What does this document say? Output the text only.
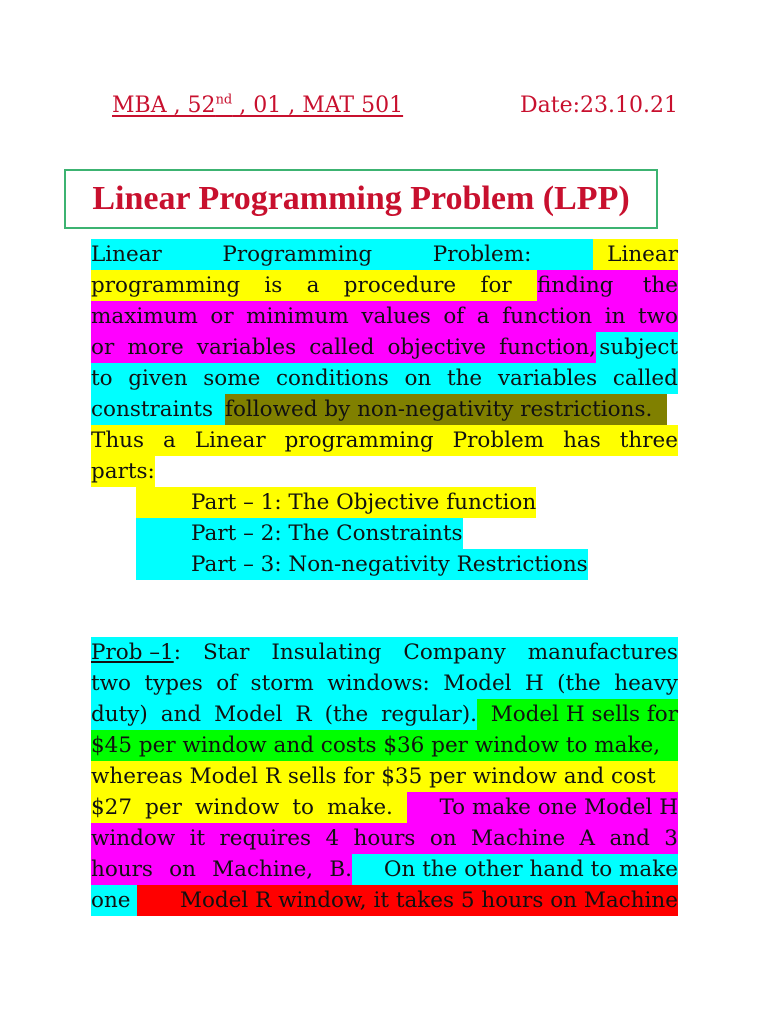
MBA , 52nd , 01 , MAT 501	Date:23.10.21
Linear Programming Problem (LPP)
Linear	Programming	Problem:	Linear
programming is a procedure for finding the
maximum or minimum values of a function in two
or more variables called objective function, subject
to given some conditions on the variables called
constraints followed by non-negativity restrictions.
Thus a Linear programming Problem has three
parts:
Part – 1: The Objective function
Part – 2: The Constraints
Part – 3: Non-negativity Restrictions
Prob –1: Star Insulating Company manufactures
two types of storm windows: Model H (the heavy
duty) and Model R (the regular). Model H sells for
$45 per window and costs $36 per window to make,
whereas Model R sells for $35 per window and cost
$27 per window to make.	To make one Model H
window it requires 4 hours on Machine A and 3
hours on Machine, B.	On the other hand to make
one	Model R window, it takes 5 hours on Machine
